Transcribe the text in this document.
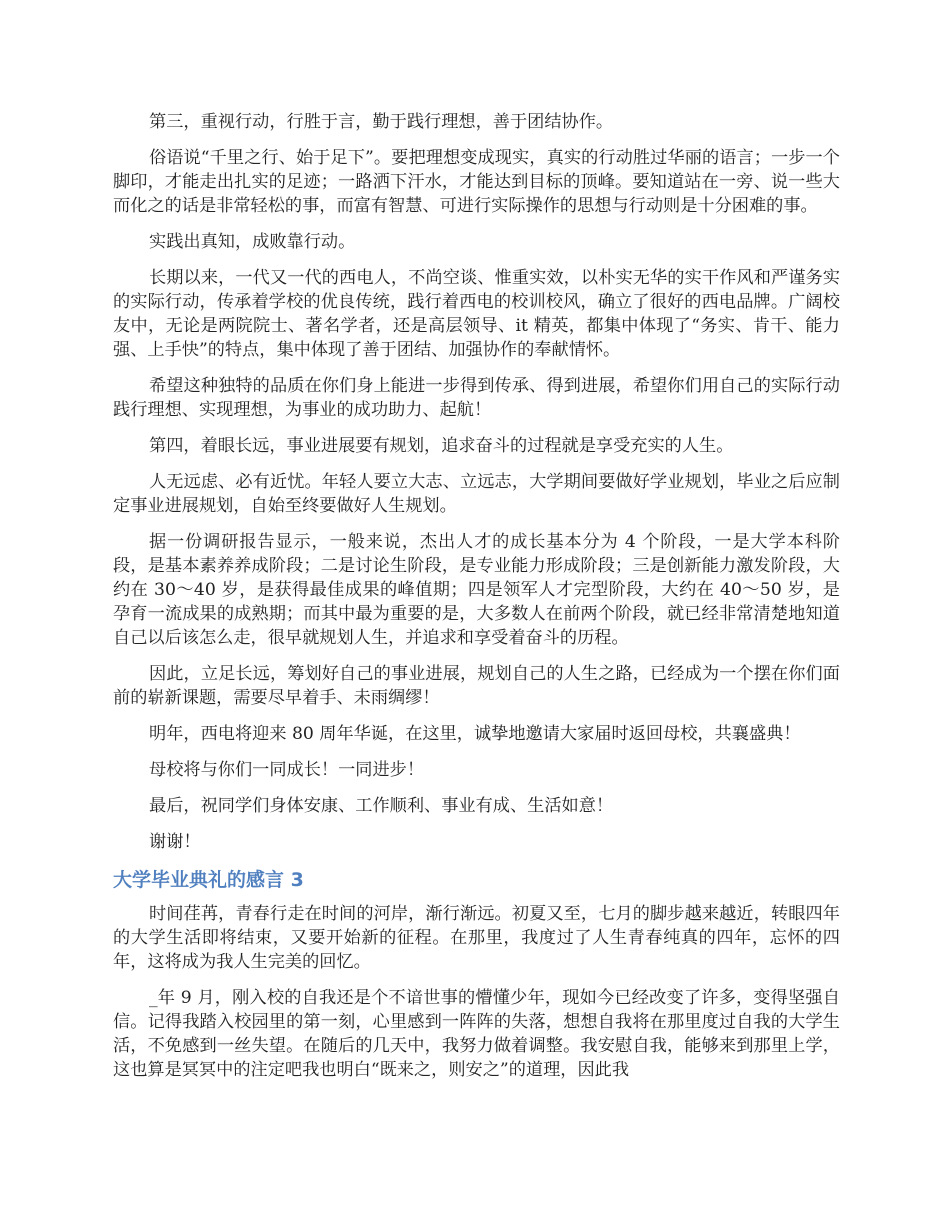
第三，重视行动，行胜于言，勤于践行理想，善于团结协作。

俗语说“千里之行、始于足下”。要把理想变成现实，真实的行动胜过华丽的语言；一步一个脚印，才能走出扎实的足迹；一路洒下汗水，才能达到目标的顶峰。要知道站在一旁、说一些大而化之的话是非常轻松的事，而富有智慧、可进行实际操作的思想与行动则是十分困难的事。

实践出真知，成败靠行动。

长期以来，一代又一代的西电人，不尚空谈、惟重实效，以朴实无华的实干作风和严谨务实的实际行动，传承着学校的优良传统，践行着西电的校训校风，确立了很好的西电品牌。广阔校友中，无论是两院院士、著名学者，还是高层领导、it 精英，都集中体现了“务实、肯干、能力强、上手快”的特点，集中体现了善于团结、加强协作的奉献情怀。

希望这种独特的品质在你们身上能进一步得到传承、得到进展，希望你们用自己的实际行动践行理想、实现理想，为事业的成功助力、起航！

第四，着眼长远，事业进展要有规划，追求奋斗的过程就是享受充实的人生。

人无远虑、必有近忧。年轻人要立大志、立远志，大学期间要做好学业规划，毕业之后应制定事业进展规划，自始至终要做好人生规划。

据一份调研报告显示，一般来说，杰出人才的成长基本分为 4 个阶段，一是大学本科阶段，是基本素养养成阶段；二是讨论生阶段，是专业能力形成阶段；三是创新能力激发阶段，大约在 30～40 岁，是获得最佳成果的峰值期；四是领军人才完型阶段，大约在 40～50 岁，是孕育一流成果的成熟期；而其中最为重要的是，大多数人在前两个阶段，就已经非常清楚地知道自己以后该怎么走，很早就规划人生，并追求和享受着奋斗的历程。

因此，立足长远，筹划好自己的事业进展，规划自己的人生之路，已经成为一个摆在你们面前的崭新课题，需要尽早着手、未雨绸缪！

明年，西电将迎来 80 周年华诞，在这里，诚挚地邀请大家届时返回母校，共襄盛典！

母校将与你们一同成长！一同进步！

最后，祝同学们身体安康、工作顺利、事业有成、生活如意！

谢谢！

大学毕业典礼的感言 3

时间荏苒，青春行走在时间的河岸，渐行渐远。初夏又至，七月的脚步越来越近，转眼四年的大学生活即将结束，又要开始新的征程。在那里，我度过了人生青春纯真的四年，忘怀的四年，这将成为我人生完美的回忆。

_年 9 月，刚入校的自我还是个不谙世事的懵懂少年，现如今已经改变了许多，变得坚强自信。记得我踏入校园里的第一刻，心里感到一阵阵的失落，想想自我将在那里度过自我的大学生活，不免感到一丝失望。在随后的几天中，我努力做着调整。我安慰自我，能够来到那里上学，这也算是冥冥中的注定吧我也明白“既来之，则安之”的道理，因此我
